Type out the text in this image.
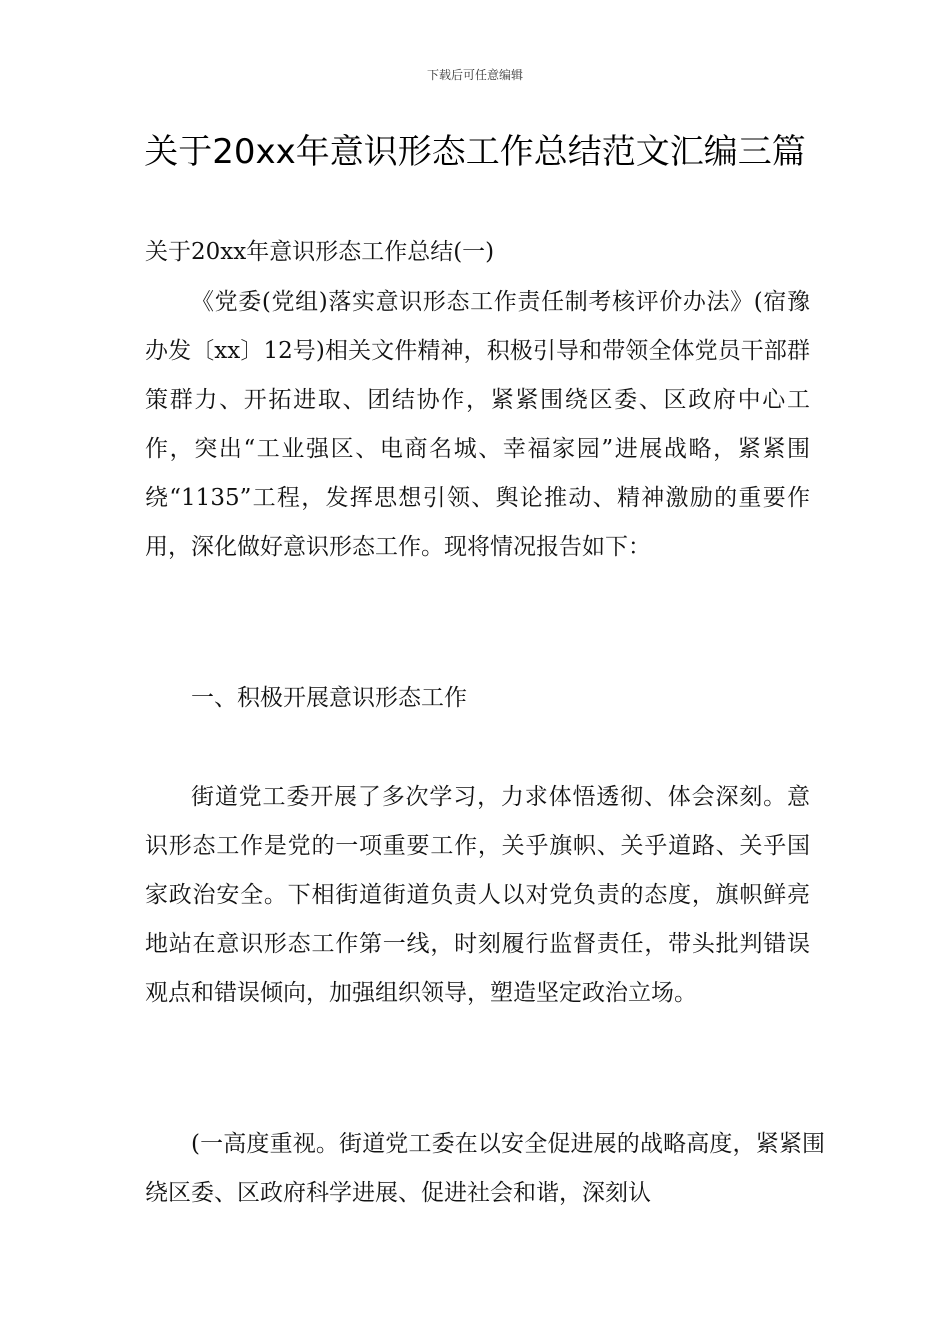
下载后可任意编辑
关于20xx年意识形态工作总结范文汇编三篇
关于20xx年意识形态工作总结(一)

《党委(党组)落实意识形态工作责任制考核评价办法》(宿豫办发〔xx〕12号)相关文件精神，积极引导和带领全体党员干部群策群力、开拓进取、团结协作，紧紧围绕区委、区政府中心工作，突出“工业强区、电商名城、幸福家园”进展战略，紧紧围绕“1135”工程，发挥思想引领、舆论推动、精神激励的重要作用，深化做好意识形态工作。现将情况报告如下：

一、积极开展意识形态工作

街道党工委开展了多次学习，力求体悟透彻、体会深刻。意识形态工作是党的一项重要工作，关乎旗帜、关乎道路、关乎国家政治安全。下相街道街道负责人以对党负责的态度，旗帜鲜亮地站在意识形态工作第一线，时刻履行监督责任，带头批判错误观点和错误倾向，加强组织领导，塑造坚定政治立场。

(一高度重视。街道党工委在以安全促进展的战略高度，紧紧围绕区委、区政府科学进展、促进社会和谐，深刻认
